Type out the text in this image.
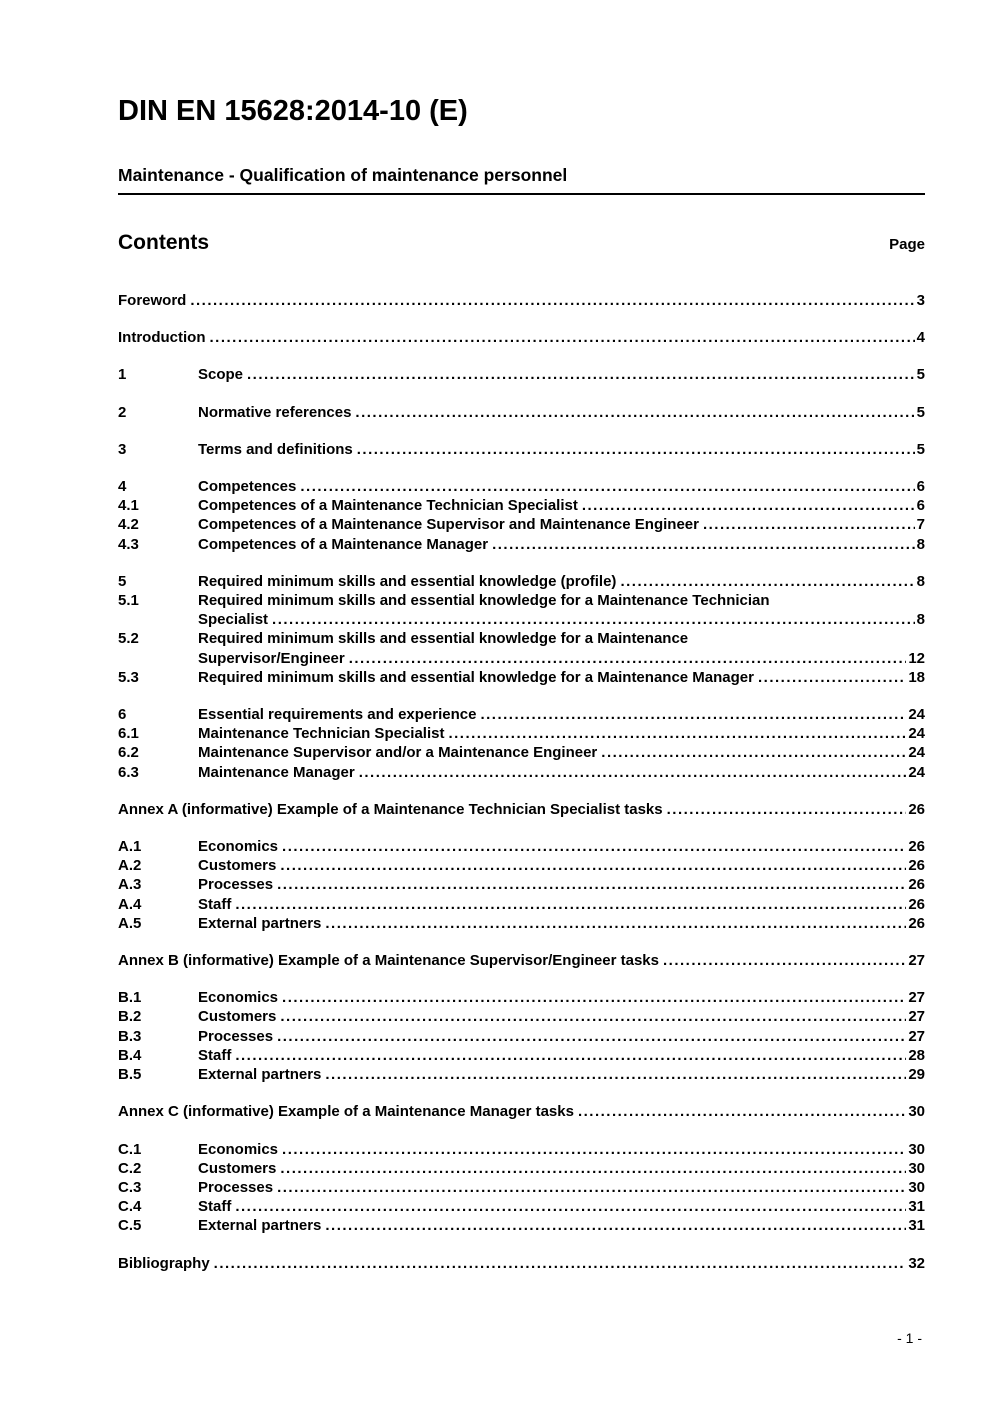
DIN EN 15628:2014-10 (E)
Maintenance - Qualification of maintenance personnel
Contents	Page
Foreword .....	3
Introduction .....	4
1	Scope .....	5
2	Normative references .....	5
3	Terms and definitions .....	5
4	Competences .....	6
4.1	Competences of a Maintenance Technician Specialist .....	6
4.2	Competences of a Maintenance Supervisor and Maintenance Engineer .....	7
4.3	Competences of a Maintenance Manager .....	8
5	Required minimum skills and essential knowledge (profile) .....	8
5.1	Required minimum skills and essential knowledge for a Maintenance Technician
Specialist .....	8
5.2	Required minimum skills and essential knowledge for a Maintenance
Supervisor/Engineer .....	12
5.3	Required minimum skills and essential knowledge for a Maintenance Manager .....	18
6	Essential requirements and experience .....	24
6.1	Maintenance Technician Specialist .....	24
6.2	Maintenance Supervisor and/or a Maintenance Engineer .....	24
6.3	Maintenance Manager .....	24
Annex A (informative) Example of a Maintenance Technician Specialist tasks .....	26
A.1	Economics .....	26
A.2	Customers .....	26
A.3	Processes .....	26
A.4	Staff .....	26
A.5	External partners .....	26
Annex B (informative) Example of a Maintenance Supervisor/Engineer tasks .....	27
B.1	Economics .....	27
B.2	Customers .....	27
B.3	Processes .....	27
B.4	Staff .....	28
B.5	External partners .....	29
Annex C (informative) Example of a Maintenance Manager tasks .....	30
C.1	Economics .....	30
C.2	Customers .....	30
C.3	Processes .....	30
C.4	Staff .....	31
C.5	External partners .....	31
Bibliography .....	32
- 1 -
